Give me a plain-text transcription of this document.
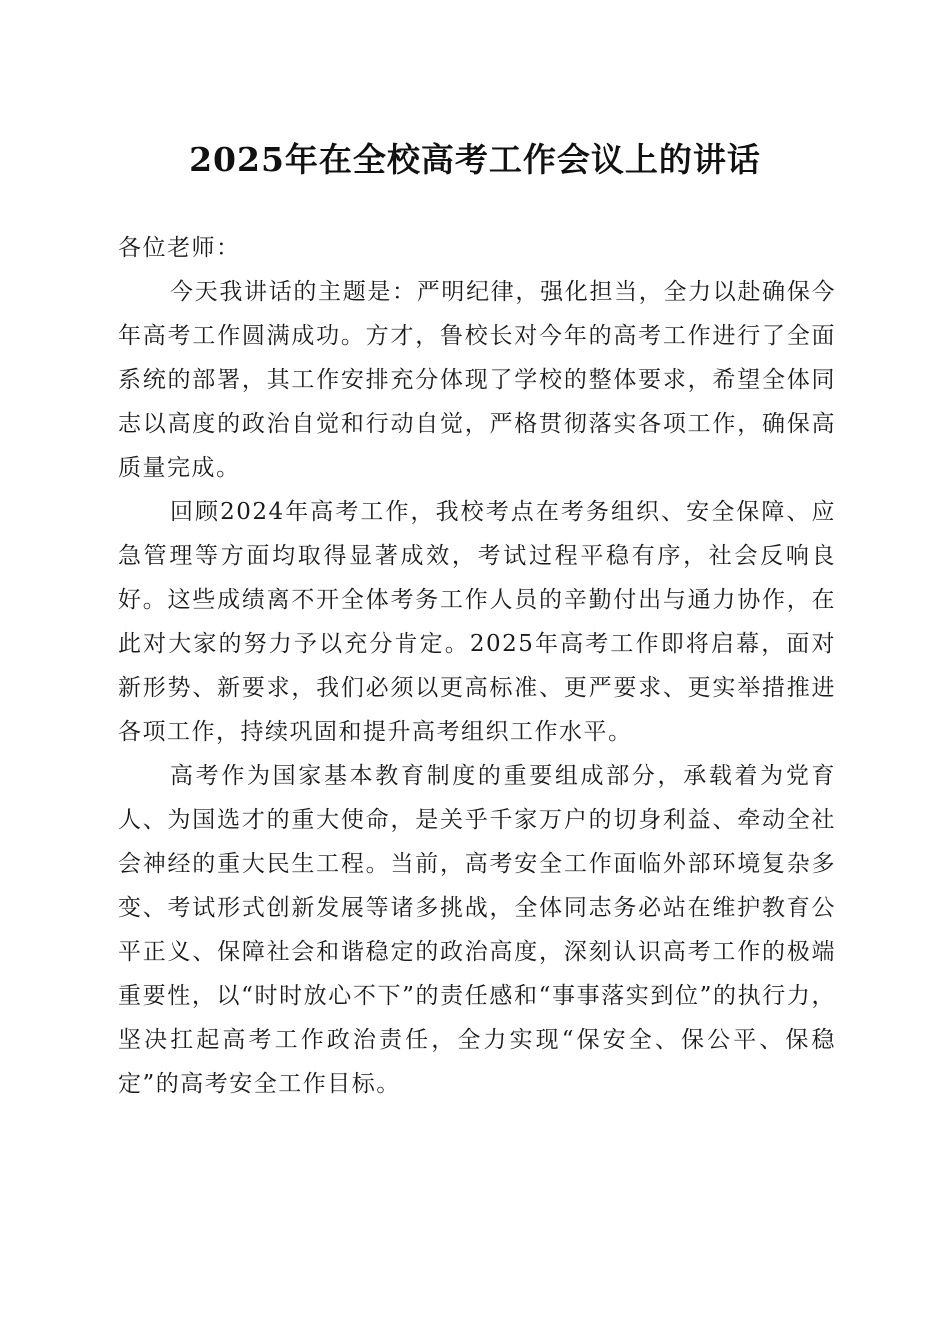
2025年在全校高考工作会议上的讲话

各位老师：

今天我讲话的主题是：严明纪律，强化担当，全力以赴确保今年高考工作圆满成功。方才，鲁校长对今年的高考工作进行了全面系统的部署，其工作安排充分体现了学校的整体要求，希望全体同志以高度的政治自觉和行动自觉，严格贯彻落实各项工作，确保高质量完成。

回顾2024年高考工作，我校考点在考务组织、安全保障、应急管理等方面均取得显著成效，考试过程平稳有序，社会反响良好。这些成绩离不开全体考务工作人员的辛勤付出与通力协作，在此对大家的努力予以充分肯定。2025年高考工作即将启幕，面对新形势、新要求，我们必须以更高标准、更严要求、更实举措推进各项工作，持续巩固和提升高考组织工作水平。

高考作为国家基本教育制度的重要组成部分，承载着为党育人、为国选才的重大使命，是关乎千家万户的切身利益、牵动全社会神经的重大民生工程。当前，高考安全工作面临外部环境复杂多变、考试形式创新发展等诸多挑战，全体同志务必站在维护教育公平正义、保障社会和谐稳定的政治高度，深刻认识高考工作的极端重要性，以“时时放心不下”的责任感和“事事落实到位”的执行力，坚决扛起高考工作政治责任，全力实现“保安全、保公平、保稳定”的高考安全工作目标。
